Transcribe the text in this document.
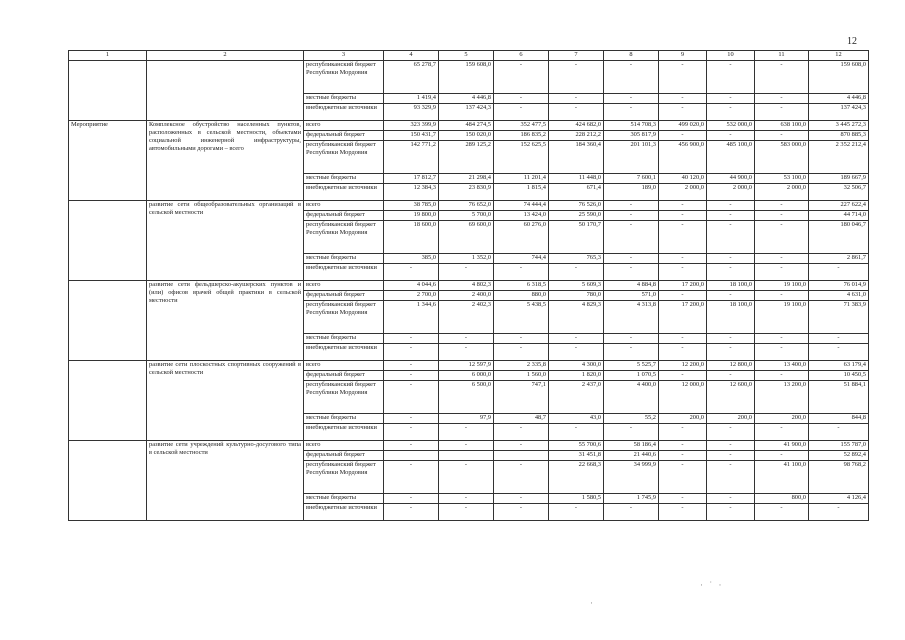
12
1	2	3	4	5	6	7	8	9	10	11	12
		республиканский бюджет Республики Мордовия	65 278,7	159 608,0	-	-	-	-	-	-	159 608,0
		местные бюджеты	1 419,4	4 446,8	-	-	-	-	-	-	4 446,8
		внебюджетные источники	93 329,9	137 424,3	-	-	-	-	-	-	137 424,3
Мероприятие	Комплексное обустройство населенных пунктов, расположенных в сельской местности, объектами социальной инженерной инфраструктуры, автомобильными дорогами – всего	всего	323 399,9	484 274,5	352 477,5	424 682,0	514 708,3	499 020,0	532 000,0	638 100,0	3 445 272,3
		федеральный бюджет	150 431,7	150 020,0	186 835,2	228 212,2	305 817,9	-	-	-	870 885,3
		республиканский бюджет Республики Мордовия	142 771,2	289 125,2	152 625,5	184 360,4	201 101,3	456 900,0	485 100,0	583 000,0	2 352 212,4
		местные бюджеты	17 812,7	21 298,4	11 201,4	11 448,0	7 600,1	40 120,0	44 900,0	53 100,0	189 667,9
		внебюджетные источники	12 384,3	23 830,9	1 815,4	671,4	189,0	2 000,0	2 000,0	2 000,0	32 506,7
	развитие сети общеобразовательных организаций в сельской местности	всего	38 785,0	76 652,0	74 444,4	76 526,0	-	-	-	-	227 622,4
		федеральный бюджет	19 800,0	5 700,0	13 424,0	25 590,0	-	-	-	-	44 714,0
		республиканский бюджет Республики Мордовия	18 600,0	69 600,0	60 276,0	50 170,7	-	-	-	-	180 046,7
		местные бюджеты	385,0	1 352,0	744,4	765,3	-	-	-	-	2 861,7
		внебюджетные источники	-	-	-	-	-	-	-	-	-
	развитие сети фельдшерско-акушерских пунктов и (или) офисов врачей общей практики в сельской местности	всего	4 044,6	4 802,3	6 318,5	5 609,3	4 884,8	17 200,0	18 100,0	19 100,0	76 014,9
		федеральный бюджет	2 700,0	2 400,0	880,0	780,0	571,0	-	-	-	4 631,0
		республиканский бюджет Республики Мордовия	1 344,6	2 402,3	5 438,5	4 829,3	4 313,8	17 200,0	18 100,0	19 100,0	71 383,9
		местные бюджеты	-	-	-	-	-	-	-	-	-
		внебюджетные источники	-	-	-	-	-	-	-	-	-
	развитие сети плоскостных спортивных сооружений в сельской местности	всего	-	12 597,9	2 335,8	4 300,0	5 525,7	12 200,0	12 800,0	13 400,0	63 179,4
		федеральный бюджет	-	6 000,0	1 560,0	1 820,0	1 070,5	-	-	-	10 450,5
		республиканский бюджет Республики Мордовия	-	6 500,0	747,1	2 437,0	4 400,0	12 000,0	12 600,0	13 200,0	51 884,1
		местные бюджеты	-	97,9	48,7	43,0	55,2	200,0	200,0	200,0	844,8
		внебюджетные источники	-	-	-	-	-	-	-	-	-
	развитие сети учреждений культурно-досугового типа в сельской местности	всего	-	-	-	55 700,6	58 186,4	-	-	41 900,0	155 787,0
		федеральный бюджет				31 451,8	21 440,6	-	-	-	52 892,4
		республиканский бюджет Республики Мордовия	-	-	-	22 668,3	34 999,9	-	-	41 100,0	98 768,2
		местные бюджеты	-	-	-	1 580,5	1 745,9	-	-	800,0	4 126,4
		внебюджетные источники	-	-	-	-	-	-	-	-	-
· ˙ ·
·
